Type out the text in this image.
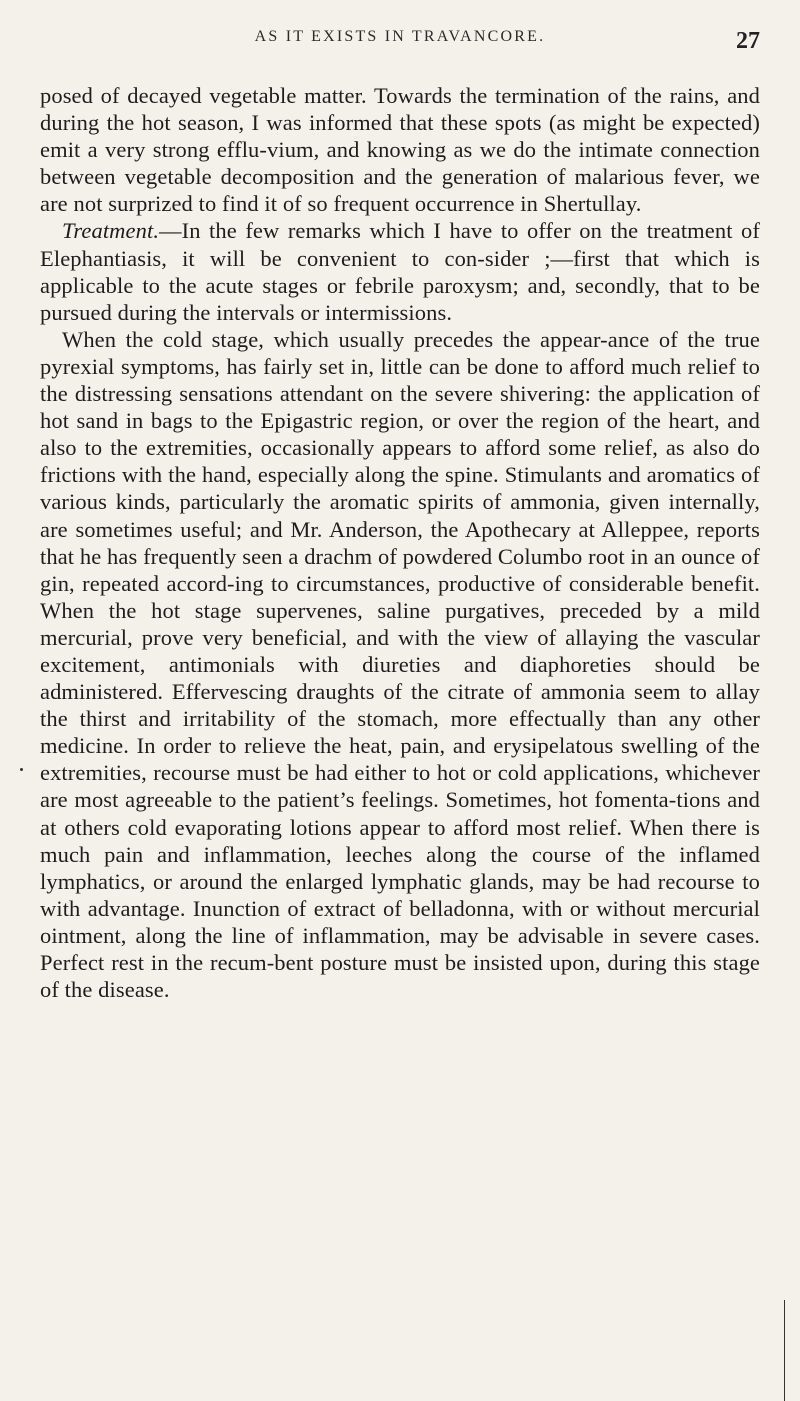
AS IT EXISTS IN TRAVANCORE.	27

posed of decayed vegetable matter. Towards the termination of the rains, and during the hot season, I was informed that these spots (as might be expected) emit a very strong efflu-vium, and knowing as we do the intimate connection between vegetable decomposition and the generation of malarious fever, we are not surprized to find it of so frequent occurrence in Shertullay.

Treatment.—In the few remarks which I have to offer on the treatment of Elephantiasis, it will be convenient to con-sider ;—first that which is applicable to the acute stages or febrile paroxysm; and, secondly, that to be pursued during the intervals or intermissions.

When the cold stage, which usually precedes the appear-ance of the true pyrexial symptoms, has fairly set in, little can be done to afford much relief to the distressing sensations attendant on the severe shivering: the application of hot sand in bags to the Epigastric region, or over the region of the heart, and also to the extremities, occasionally appears to afford some relief, as also do frictions with the hand, especially along the spine. Stimulants and aromatics of various kinds, particularly the aromatic spirits of ammonia, given internally, are sometimes useful; and Mr. Anderson, the Apothecary at Alleppee, reports that he has frequently seen a drachm of powdered Columbo root in an ounce of gin, repeated accord-ing to circumstances, productive of considerable benefit. When the hot stage supervenes, saline purgatives, preceded by a mild mercurial, prove very beneficial, and with the view of allaying the vascular excitement, antimonials with diureties and diaphoreties should be administered. Effervescing draughts of the citrate of ammonia seem to allay the thirst and irritability of the stomach, more effectually than any other medicine. In order to relieve the heat, pain, and erysipelatous swelling of the extremities, recourse must be had either to hot or cold applications, whichever are most agreeable to the patient’s feelings. Sometimes, hot fomenta-tions and at others cold evaporating lotions appear to afford most relief. When there is much pain and inflammation, leeches along the course of the inflamed lymphatics, or around the enlarged lymphatic glands, may be had recourse to with advantage. Inunction of extract of belladonna, with or without mercurial ointment, along the line of inflammation, may be advisable in severe cases. Perfect rest in the recum-bent posture must be insisted upon, during this stage of the disease.
